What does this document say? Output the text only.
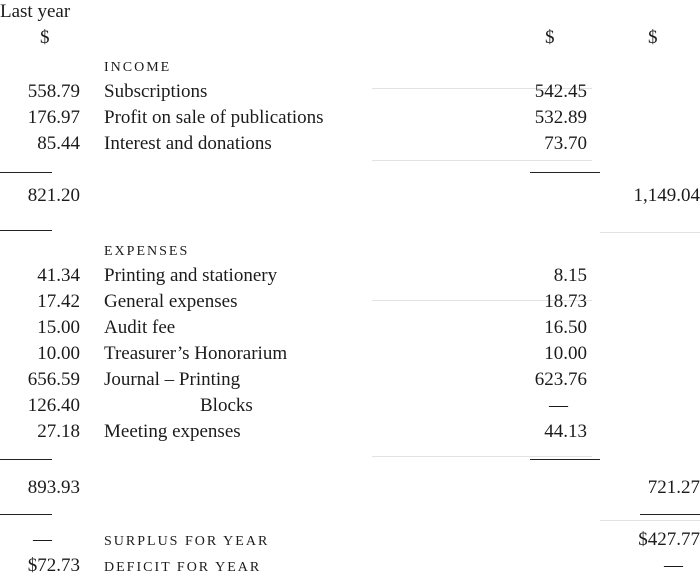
Last year
$	$	$
INCOME
558.79 Subscriptions	542.45
176.97 Profit on sale of publications	532.89
85.44 Interest and donations	73.70
821.20	1,149.04
EXPENSES
41.34 Printing and stationery	8.15
17.42 General expenses	18.73
15.00 Audit fee	16.50
10.00 Treasurer’s Honorarium	10.00
656.59 Journal – Printing	623.76
126.40	Blocks	—
27.18 Meeting expenses	44.13
893.93	721.27
—	SURPLUS FOR YEAR	$427.77
$72.73 DEFICIT FOR YEAR	—
